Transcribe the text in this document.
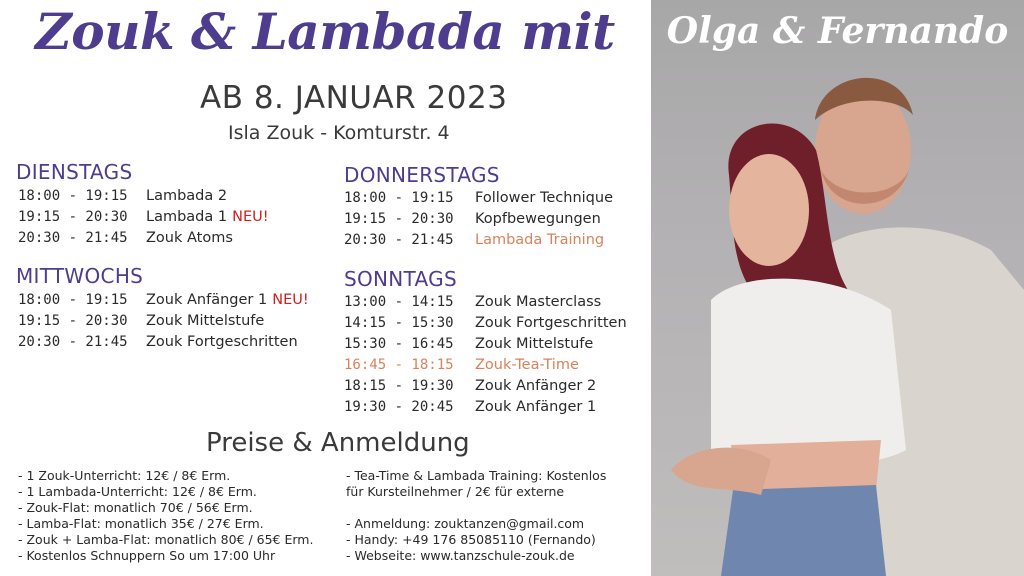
Zouk & Lambada mit
AB 8. JANUAR 2023
Isla Zouk - Komturstr. 4
DIENSTAGS
18:00 - 19:15 Lambada 2
19:15 - 20:30 Lambada 1 NEU!
20:30 - 21:45 Zouk Atoms
MITTWOCHS
18:00 - 19:15 Zouk Anfänger 1 NEU!
19:15 - 20:30 Zouk Mittelstufe
20:30 - 21:45 Zouk Fortgeschritten
DONNERSTAGS
18:00 - 19:15 Follower Technique
19:15 - 20:30 Kopfbewegungen
20:30 - 21:45 Lambada Training
SONNTAGS
13:00 - 14:15 Zouk Masterclass
14:15 - 15:30 Zouk Fortgeschritten
15:30 - 16:45 Zouk Mittelstufe
16:45 - 18:15 Zouk-Tea-Time
18:15 - 19:30 Zouk Anfänger 2
19:30 - 20:45 Zouk Anfänger 1
Preise & Anmeldung
- 1 Zouk-Unterricht: 12€ / 8€ Erm.
- 1 Lambada-Unterricht: 12€ / 8€ Erm.
- Zouk-Flat: monatlich 70€ / 56€ Erm.
- Lamba-Flat: monatlich 35€ / 27€ Erm.
- Zouk + Lamba-Flat: monatlich 80€ / 65€ Erm.
- Kostenlos Schnuppern So um 17:00 Uhr
- Tea-Time & Lambada Training: Kostenlos
für Kursteilnehmer / 2€ für externe
- Anmeldung: zouktanzen@gmail.com
- Handy: +49 176 85085110 (Fernando)
- Webseite: www.tanzschule-zouk.de
Olga & Fernando
